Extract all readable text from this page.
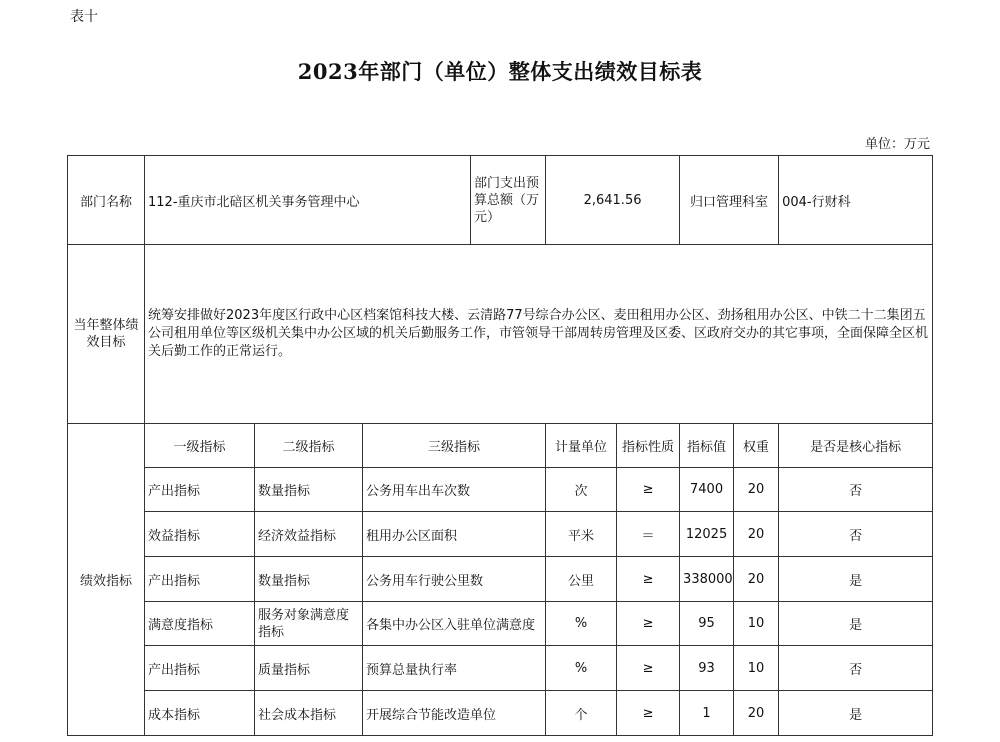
表十
2023年部门（单位）整体支出绩效目标表
单位：万元
部门名称	112-重庆市北碚区机关事务管理中心			部门支出预算总额（万元）	2,641.56		归口管理科室		004-行财科
当年整体绩效目标	统筹安排做好2023年度区行政中心区档案馆科技大楼、云清路77号综合办公区、麦田租用办公区、劲扬租用办公区、中铁二十二集团五公司租用单位等区级机关集中办公区域的机关后勤服务工作，市管领导干部周转房管理及区委、区政府交办的其它事项，全面保障全区机关后勤工作的正常运行。								
绩效指标	一级指标	二级指标	三级指标		计量单位	指标性质	指标值	权重	是否是核心指标
	产出指标	数量指标	公务用车出车次数		次	≥	7400	20	否
	效益指标	经济效益指标	租用办公区面积		平米	＝	12025	20	否
	产出指标	数量指标	公务用车行驶公里数		公里	≥	338000	20	是
	满意度指标	服务对象满意度指标	各集中办公区入驻单位满意度		%	≥	95	10	是
	产出指标	质量指标	预算总量执行率		%	≥	93	10	否
	成本指标	社会成本指标	开展综合节能改造单位		个	≥	1	20	是
